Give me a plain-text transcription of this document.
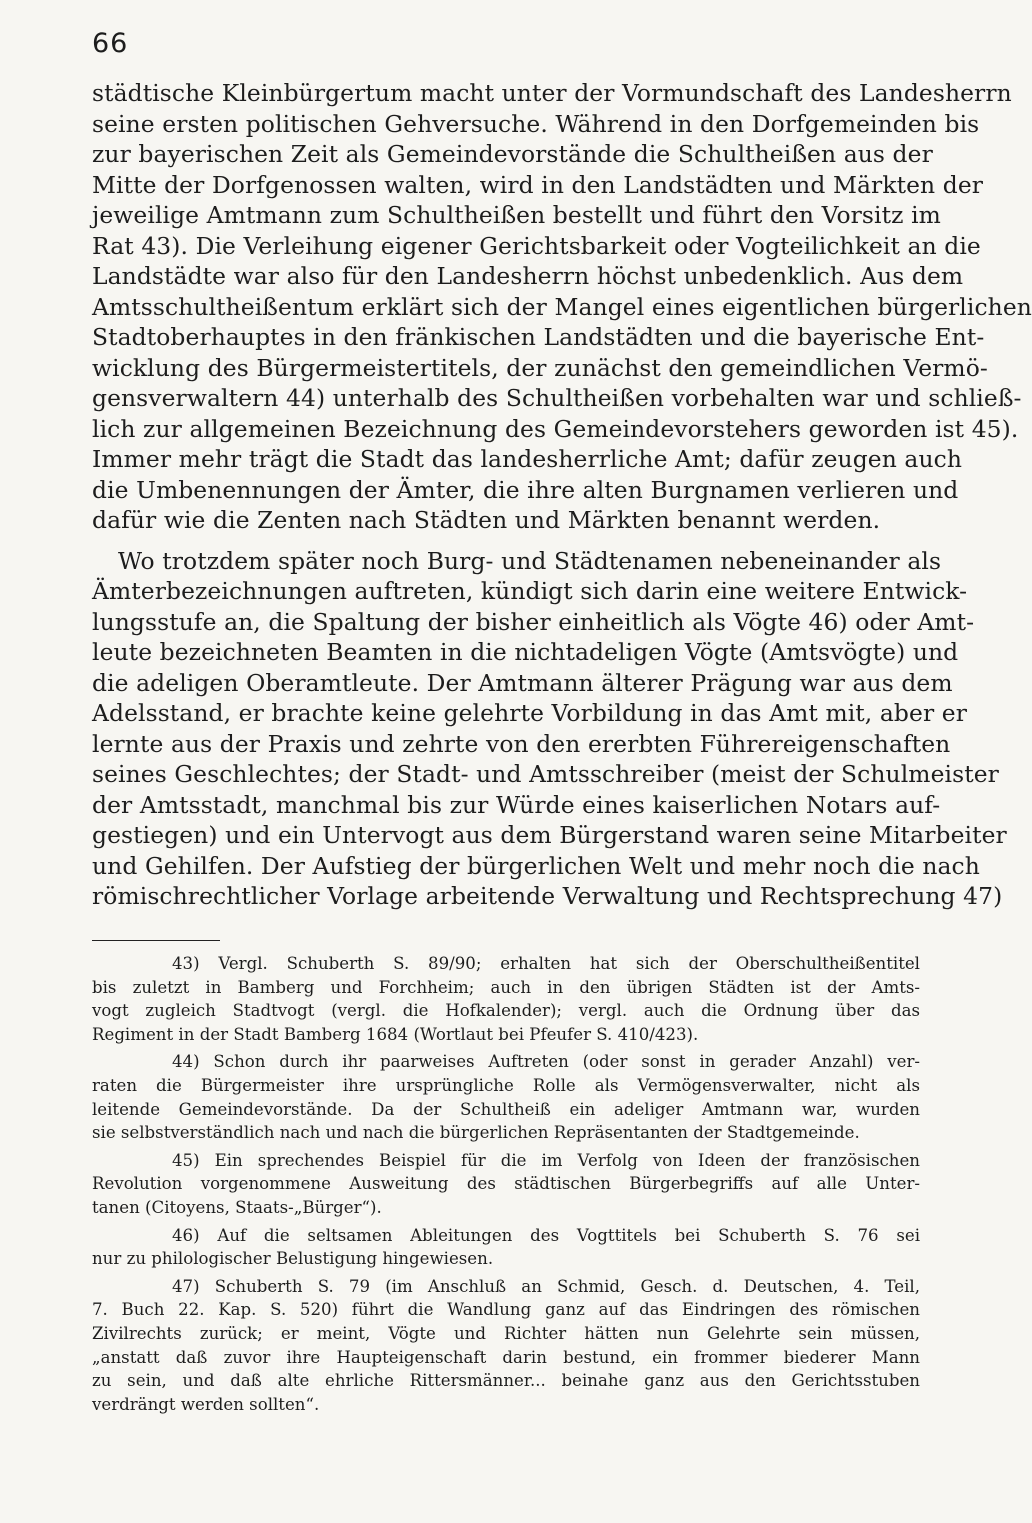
66
städtische Kleinbürgertum macht unter der Vormundschaft des Landesherrn
seine ersten politischen Gehversuche. Während in den Dorfgemeinden bis
zur bayerischen Zeit als Gemeindevorstände die Schultheißen aus der
Mitte der Dorfgenossen walten, wird in den Landstädten und Märkten der
jeweilige Amtmann zum Schultheißen bestellt und führt den Vorsitz im
Rat 43). Die Verleihung eigener Gerichtsbarkeit oder Vogteilichkeit an die
Landstädte war also für den Landesherrn höchst unbedenklich. Aus dem
Amtsschultheißentum erklärt sich der Mangel eines eigentlichen bürgerlichen
Stadtoberhauptes in den fränkischen Landstädten und die bayerische Ent-
wicklung des Bürgermeistertitels, der zunächst den gemeindlichen Vermö-
gensverwaltern 44) unterhalb des Schultheißen vorbehalten war und schließ-
lich zur allgemeinen Bezeichnung des Gemeindevorstehers geworden ist 45).
Immer mehr trägt die Stadt das landesherrliche Amt; dafür zeugen auch
die Umbenennungen der Ämter, die ihre alten Burgnamen verlieren und
dafür wie die Zenten nach Städten und Märkten benannt werden.
Wo trotzdem später noch Burg- und Städtenamen nebeneinander als
Ämterbezeichnungen auftreten, kündigt sich darin eine weitere Entwick-
lungsstufe an, die Spaltung der bisher einheitlich als Vögte 46) oder Amt-
leute bezeichneten Beamten in die nichtadeligen Vögte (Amtsvögte) und
die adeligen Oberamtleute. Der Amtmann älterer Prägung war aus dem
Adelsstand, er brachte keine gelehrte Vorbildung in das Amt mit, aber er
lernte aus der Praxis und zehrte von den ererbten Führereigenschaften
seines Geschlechtes; der Stadt- und Amtsschreiber (meist der Schulmeister
der Amtsstadt, manchmal bis zur Würde eines kaiserlichen Notars auf-
gestiegen) und ein Untervogt aus dem Bürgerstand waren seine Mitarbeiter
und Gehilfen. Der Aufstieg der bürgerlichen Welt und mehr noch die nach
römischrechtlicher Vorlage arbeitende Verwaltung und Rechtsprechung 47)
43) Vergl. Schuberth S. 89/90; erhalten hat sich der Oberschultheißentitel
bis zuletzt in Bamberg und Forchheim; auch in den übrigen Städten ist der Amts-
vogt zugleich Stadtvogt (vergl. die Hofkalender); vergl. auch die Ordnung über das
Regiment in der Stadt Bamberg 1684 (Wortlaut bei Pfeufer S. 410/423).
44) Schon durch ihr paarweises Auftreten (oder sonst in gerader Anzahl) ver-
raten die Bürgermeister ihre ursprüngliche Rolle als Vermögensverwalter, nicht als
leitende Gemeindevorstände. Da der Schultheiß ein adeliger Amtmann war, wurden
sie selbstverständlich nach und nach die bürgerlichen Repräsentanten der Stadtgemeinde.
45) Ein sprechendes Beispiel für die im Verfolg von Ideen der französischen
Revolution vorgenommene Ausweitung des städtischen Bürgerbegriffs auf alle Unter-
tanen (Citoyens, Staats-„Bürger“).
46) Auf die seltsamen Ableitungen des Vogttitels bei Schuberth S. 76 sei
nur zu philologischer Belustigung hingewiesen.
47) Schuberth S. 79 (im Anschluß an Schmid, Gesch. d. Deutschen, 4. Teil,
7. Buch 22. Kap. S. 520) führt die Wandlung ganz auf das Eindringen des römischen
Zivilrechts zurück; er meint, Vögte und Richter hätten nun Gelehrte sein müssen,
„anstatt daß zuvor ihre Haupteigenschaft darin bestund, ein frommer biederer Mann
zu sein, und daß alte ehrliche Rittersmänner... beinahe ganz aus den Gerichtsstuben
verdrängt werden sollten“.
